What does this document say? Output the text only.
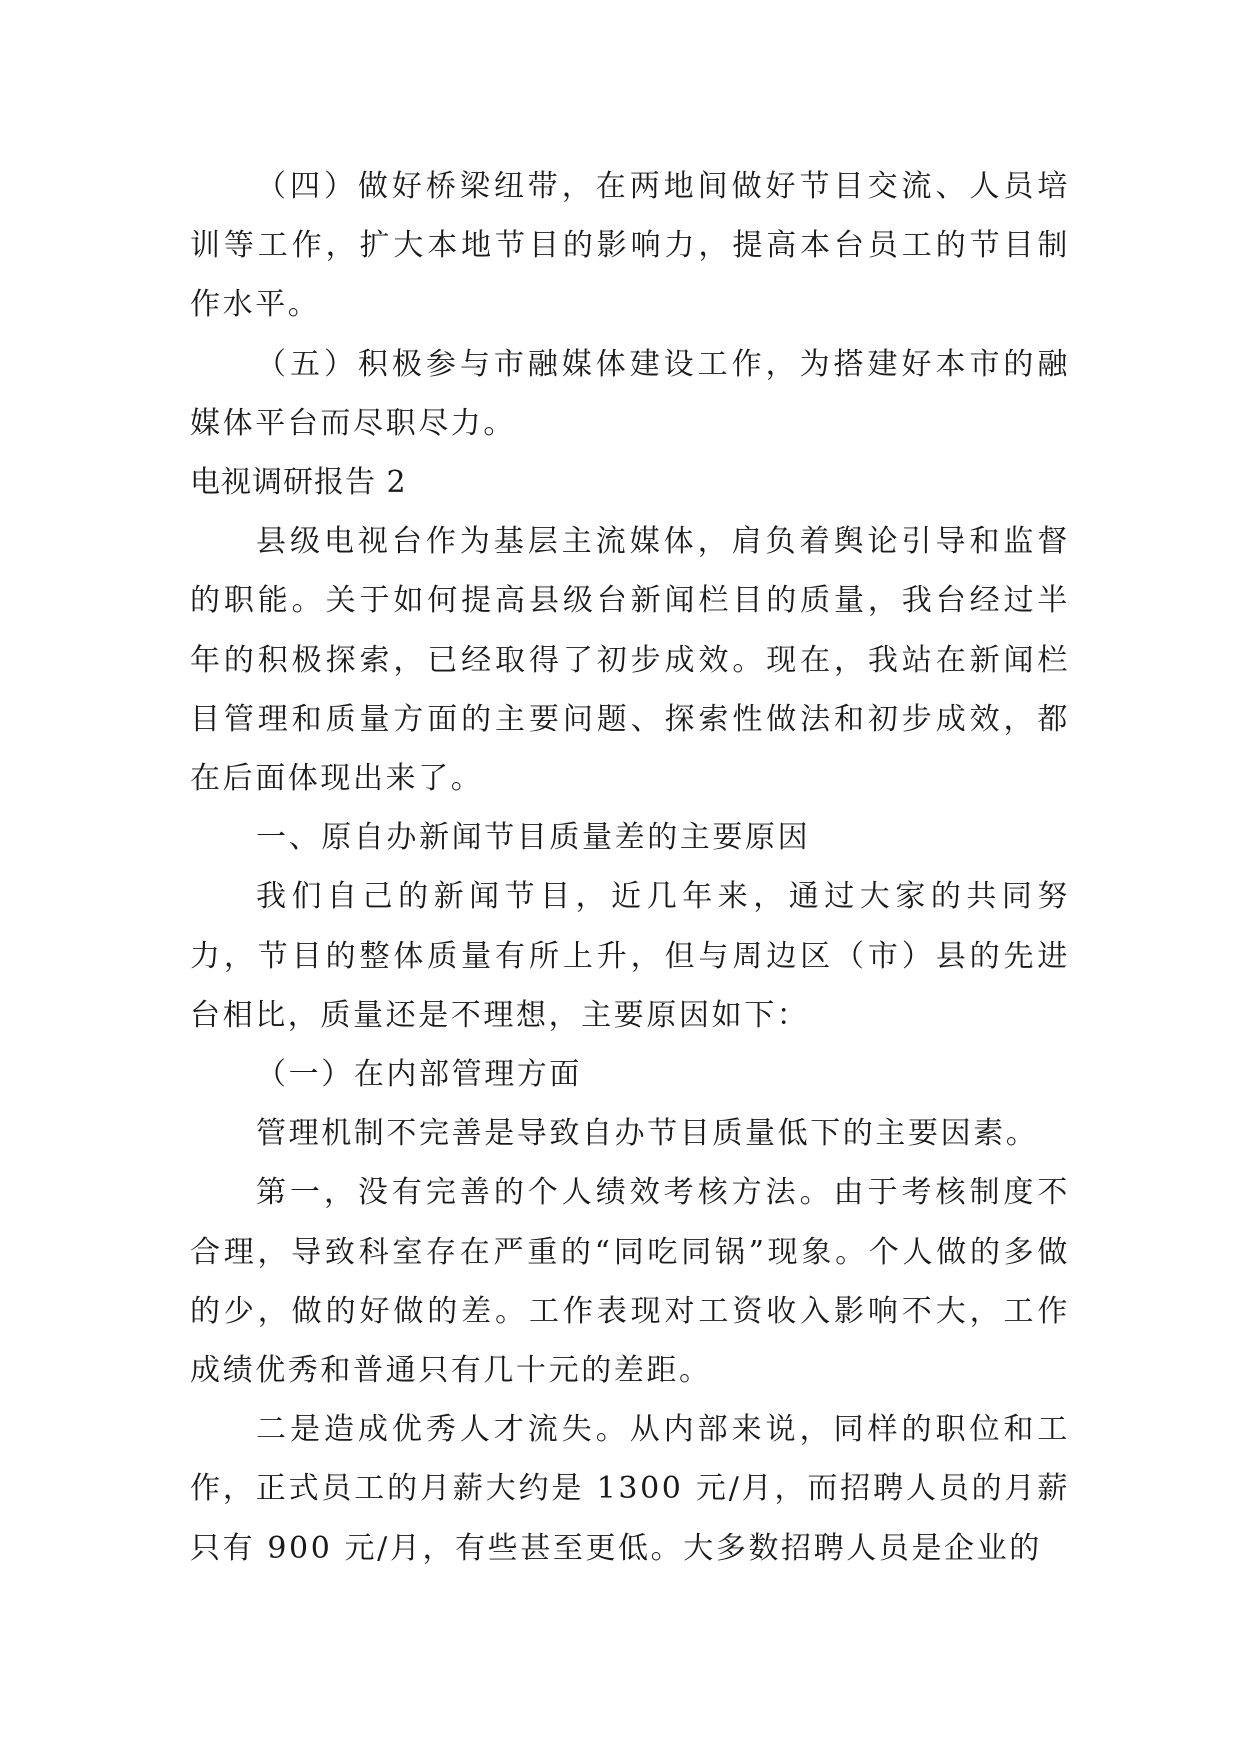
（四）做好桥梁纽带，在两地间做好节目交流、人员培训等工作，扩大本地节目的影响力，提高本台员工的节目制作水平。

（五）积极参与市融媒体建设工作，为搭建好本市的融媒体平台而尽职尽力。

电视调研报告 2

县级电视台作为基层主流媒体，肩负着舆论引导和监督的职能。关于如何提高县级台新闻栏目的质量，我台经过半年的积极探索，已经取得了初步成效。现在，我站在新闻栏目管理和质量方面的主要问题、探索性做法和初步成效，都在后面体现出来了。

一、原自办新闻节目质量差的主要原因

我们自己的新闻节目，近几年来，通过大家的共同努力，节目的整体质量有所上升，但与周边区（市）县的先进台相比，质量还是不理想，主要原因如下：

（一）在内部管理方面

管理机制不完善是导致自办节目质量低下的主要因素。

第一，没有完善的个人绩效考核方法。由于考核制度不合理，导致科室存在严重的“同吃同锅”现象。个人做的多做的少，做的好做的差。工作表现对工资收入影响不大，工作成绩优秀和普通只有几十元的差距。

二是造成优秀人才流失。从内部来说，同样的职位和工作，正式员工的月薪大约是 1300 元/月，而招聘人员的月薪只有 900 元/月，有些甚至更低。大多数招聘人员是企业的
